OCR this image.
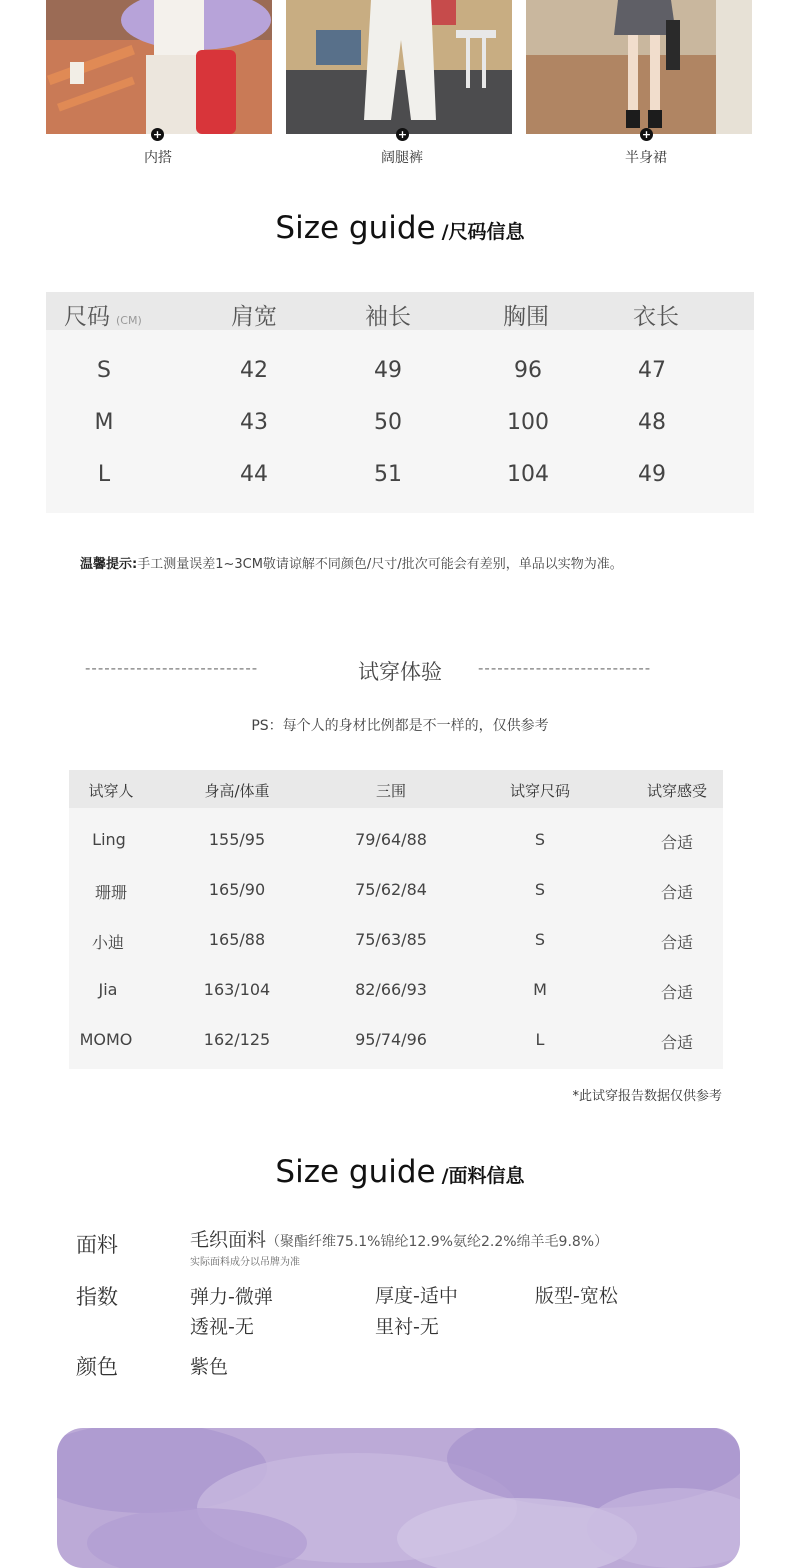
+
内搭
+
阔腿裤
+
半身裙
Size guide /尺码信息
尺码 (CM)	肩宽	袖长	胸围	衣长
S	42	49	96	47
M	43	50	100	48
L	44	51	104	49
温馨提示:手工测量误差1~3CM敬请谅解不同颜色/尺寸/批次可能会有差别，单品以实物为准。
---------------------------	试穿体验	---------------------------
PS：每个人的身材比例都是不一样的，仅供参考
试穿人	身高/体重	三围	试穿尺码	试穿感受
Ling	155/95	79/64/88	S	合适
珊珊	165/90	75/62/84	S	合适
小迪	165/88	75/63/85	S	合适
Jia	163/104	82/66/93	M	合适
MOMO	162/125	95/74/96	L	合适
*此试穿报告数据仅供参考
Size guide /面料信息
面料	毛织面料（聚酯纤维75.1%锦纶12.9%氨纶2.2%绵羊毛9.8%）
实际面料成分以吊牌为准
指数	弹力-微弹	厚度-适中	版型-宽松
透视-无	里衬-无
颜色	紫色
